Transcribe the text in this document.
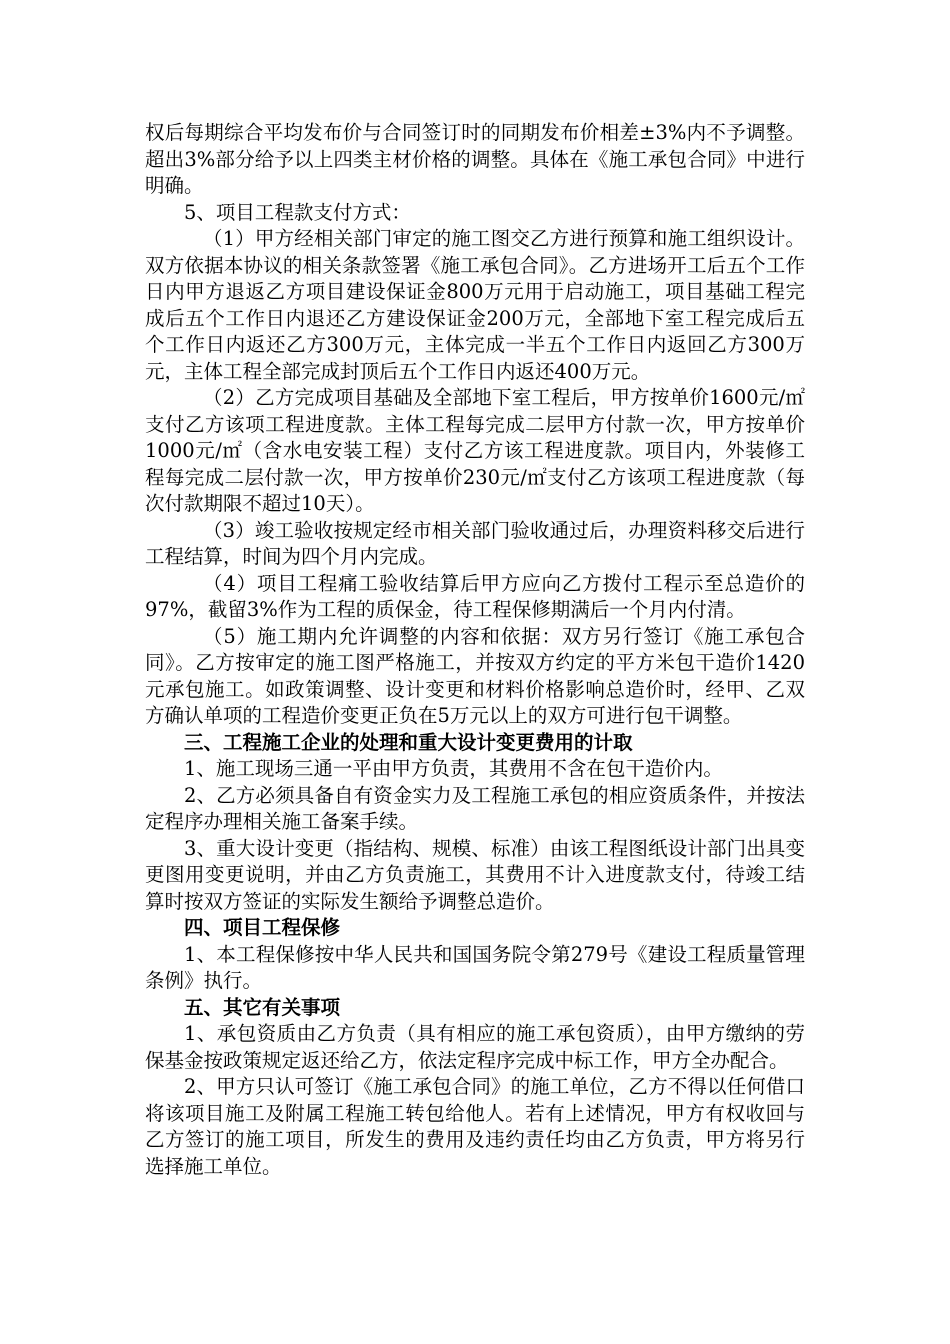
权后每期综合平均发布价与合同签订时的同期发布价相差±3%内不予调整。超出3%部分给予以上四类主材价格的调整。具体在《施工承包合同》中进行明确。

5、项目工程款支付方式：

（1）甲方经相关部门审定的施工图交乙方进行预算和施工组织设计。双方依据本协议的相关条款签署《施工承包合同》。乙方进场开工后五个工作日内甲方退返乙方项目建设保证金800万元用于启动施工，项目基础工程完成后五个工作日内退还乙方建设保证金200万元，全部地下室工程完成后五个工作日内返还乙方300万元，主体完成一半五个工作日内返回乙方300万元，主体工程全部完成封顶后五个工作日内返还400万元。

（2）乙方完成项目基础及全部地下室工程后，甲方按单价1600元/㎡支付乙方该项工程进度款。主体工程每完成二层甲方付款一次，甲方按单价1000元/㎡（含水电安装工程）支付乙方该工程进度款。项目内，外装修工程每完成二层付款一次，甲方按单价230元/㎡支付乙方该项工程进度款（每次付款期限不超过10天）。

（3）竣工验收按规定经市相关部门验收通过后，办理资料移交后进行工程结算，时间为四个月内完成。

（4）项目工程痛工验收结算后甲方应向乙方拨付工程示至总造价的97%，截留3%作为工程的质保金，待工程保修期满后一个月内付清。

（5）施工期内允许调整的内容和依据：双方另行签订《施工承包合同》。乙方按审定的施工图严格施工，并按双方约定的平方米包干造价1420元承包施工。如政策调整、设计变更和材料价格影响总造价时，经甲、乙双方确认单项的工程造价变更正负在5万元以上的双方可进行包干调整。

三、工程施工企业的处理和重大设计变更费用的计取

1、施工现场三通一平由甲方负责，其费用不含在包干造价内。

2、乙方必须具备自有资金实力及工程施工承包的相应资质条件，并按法定程序办理相关施工备案手续。

3、重大设计变更（指结构、规模、标准）由该工程图纸设计部门出具变更图用变更说明，并由乙方负责施工，其费用不计入进度款支付，待竣工结算时按双方签证的实际发生额给予调整总造价。

四、项目工程保修

1、本工程保修按中华人民共和国国务院令第279号《建设工程质量管理条例》执行。

五、其它有关事项

1、承包资质由乙方负责（具有相应的施工承包资质），由甲方缴纳的劳保基金按政策规定返还给乙方，依法定程序完成中标工作，甲方全办配合。

2、甲方只认可签订《施工承包合同》的施工单位，乙方不得以任何借口将该项目施工及附属工程施工转包给他人。若有上述情况，甲方有权收回与乙方签订的施工项目，所发生的费用及违约责任均由乙方负责，甲方将另行选择施工单位。
